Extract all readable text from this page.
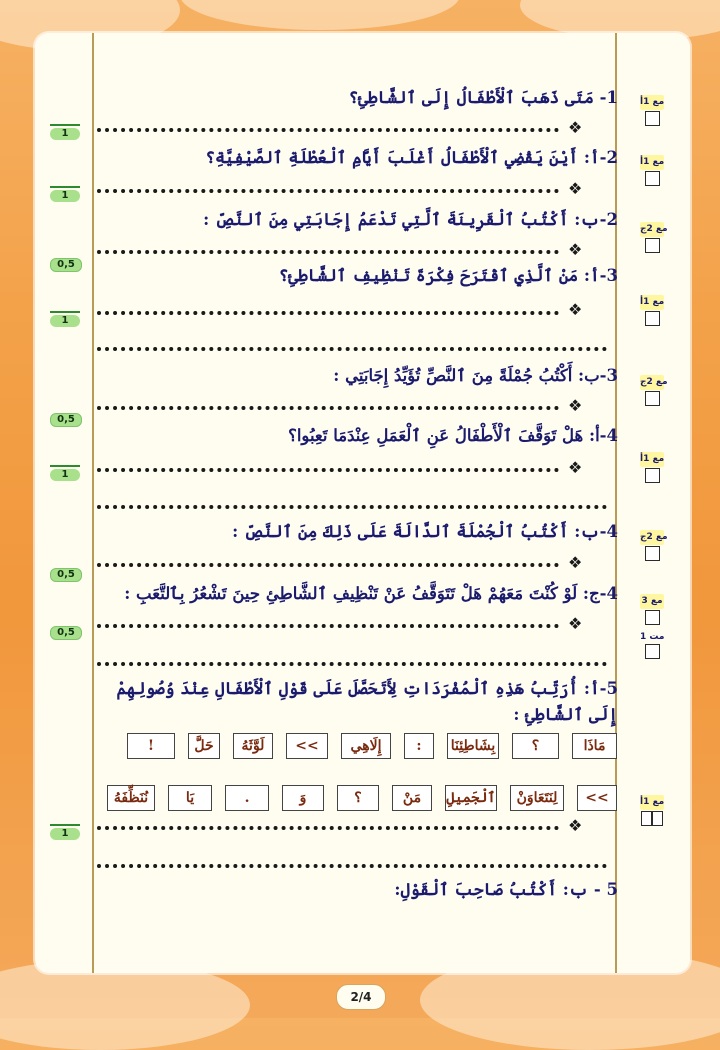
1- مَتَى ذَهَبَ ٱلْأَطْفَالُ إِلَى ٱلشَّاطِئِ؟
❖
1
مع 1أ
2-أ: أَيْنَ يَقْضِي ٱلْأَطْفَالُ أَغْلَبَ أَيَّامِ ٱلْعُطْلَةِ ٱلصَّيْفِيَّةِ؟
❖
1
مع 1أ
2-ب: أَكْتُبُ ٱلْقَرِينَةَ ٱلَّتِي تَدْعَمُ إِجَابَتِي مِنَ ٱلنَّصِّ :
❖
0,5
مع 2ج
3-أ: مَنْ ٱلَّذِي ٱقْتَرَحَ فِكْرَةَ تَنْظِيفِ ٱلشَّاطِئِ؟
❖
1
مع 1أ
3-ب: أَكْتُبُ جُمْلَةً مِنَ ٱلنَّصِّ تُؤَيِّدُ إِجَابَتِي :
❖
0,5
مع 2ج
4-أ: هَلْ تَوَقَّفَ ٱلْأَطْفَالُ عَنِ ٱلْعَمَلِ عِنْدَمَا تَعِبُوا؟
❖
1
مع 1أ
4-ب: أَكْتُبُ ٱلْجُمْلَةَ ٱلدَّالَةَ عَلَى ذَلِكَ مِنَ ٱلنَّصِّ :
❖
0,5
مع 2ج
4-ج: لَوْ كُنْتَ مَعَهُمْ هَلْ تَتَوَقَّفُ عَنْ تَنْظِيفِ ٱلشَّاطِئِ حِينَ تَشْعُرُ بِٱلتَّعَبِ :
❖
0,5
مع 3
مت 1
5-أ: أُرَتِّبُ هَذِهِ ٱلْمُفْرَدَاتِ لِأَتَحَصَّلَ عَلَى قَوْلِ ٱلْأَطْفَالِ عِنْدَ وُصُولِهِمْ إِلَى ٱلشَّاطِئِ :
مَاذَا
؟
بِشَاطِئِنَا
:
إِلَاهِي
>>
لَوَّثَهُ
حَلَّ
!
>>
لِنَتَعَاوَنْ
ٱلْجَمِيلِ
مَنْ
؟
وَ
.
يَا
نُنَظِّفَهُ
❖
1
مع 1أ
5 - ب: أَكْتُبُ صَاحِبَ ٱلْقَوْلِ:
2/4
